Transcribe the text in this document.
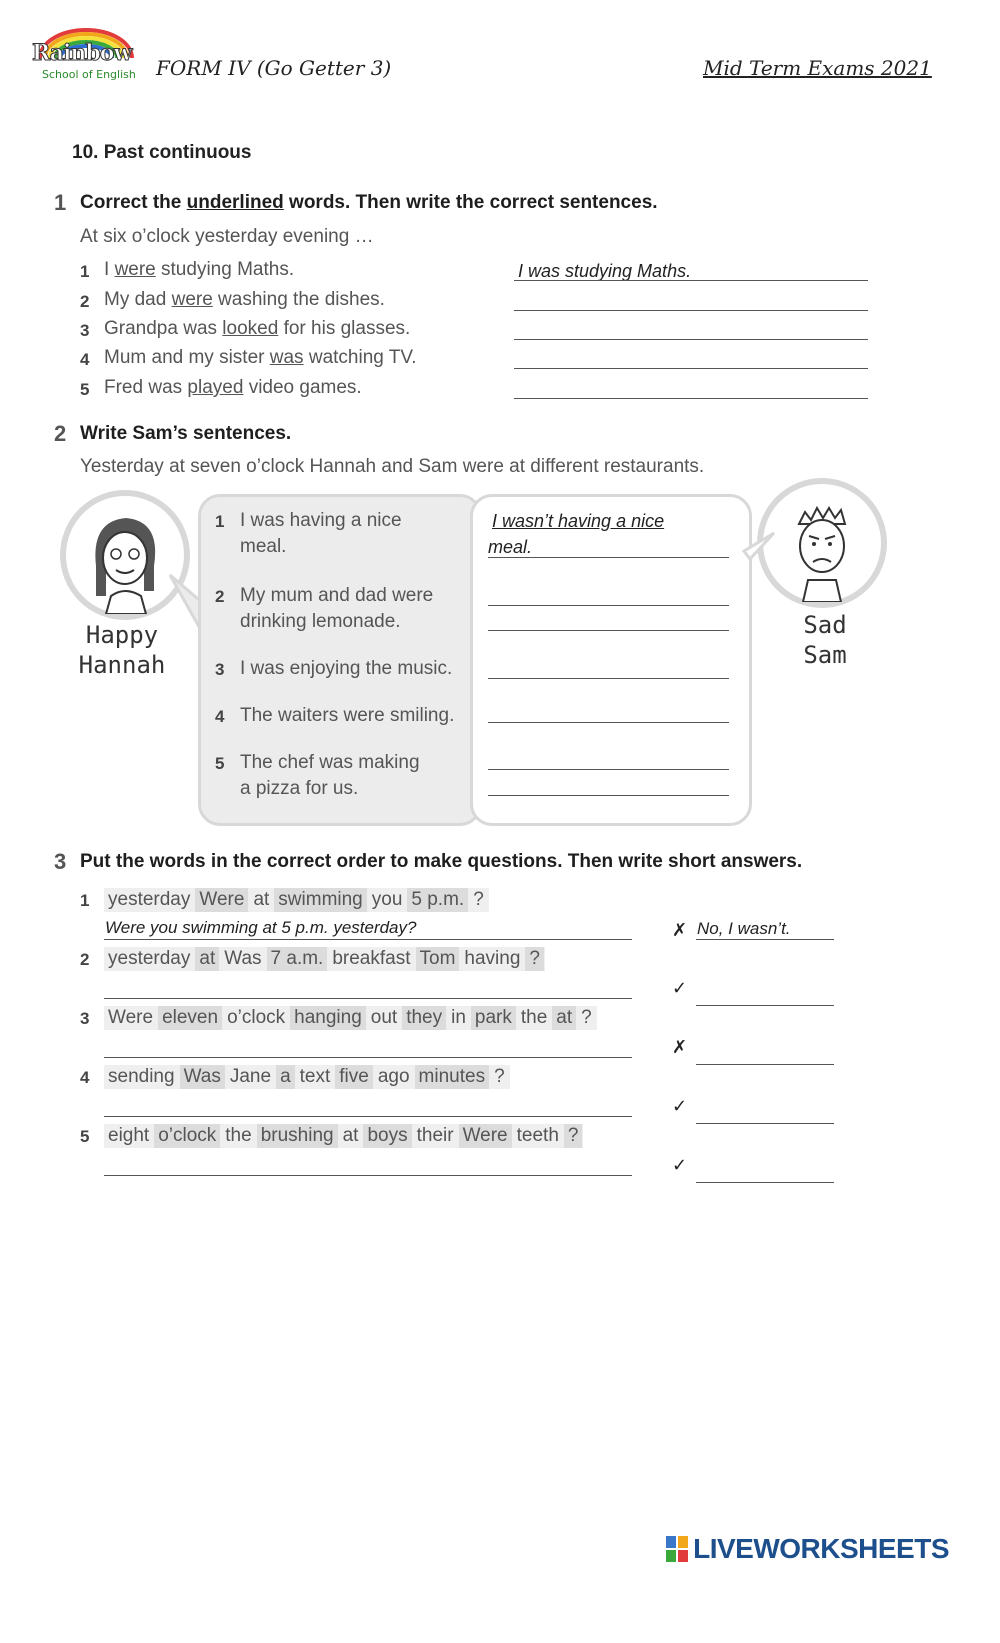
Rainbow
School of English FORM IV (Go Getter 3)	Mid Term Exams 2021
10. Past continuous
1 Correct the underlined words. Then write the correct sentences.
At six o’clock yesterday evening …
1 I were studying Maths.	I was studying Maths.
2 My dad were washing the dishes.
3 Grandpa was looked for his glasses.
4 Mum and my sister was watching TV.
5 Fred was played video games.
2 Write Sam’s sentences.
Yesterday at seven o’clock Hannah and Sam were at different restaurants.
Happy
Hannah
Sad
Sam
1 I was having a nice
meal.
2 My mum and dad were
drinking lemonade.
3 I was enjoying the music.
4 The waiters were smiling.
5 The chef was making
a pizza for us.
I wasn’t having a nice
meal.
3 Put the words in the correct order to make questions. Then write short answers.
1 yesterday Were at swimming you 5 p.m. ?
Were you swimming at 5 p.m. yesterday?	✗ No, I wasn’t.
2 yesterday at Was 7 a.m. breakfast Tom having ?
✓
3 Were eleven o’clock hanging out they in park the at ?
✗
4 sending Was Jane a text five ago minutes ?
✓
5 eight o’clock the brushing at boys their Were teeth ?
✓
LIVEWORKSHEETS
